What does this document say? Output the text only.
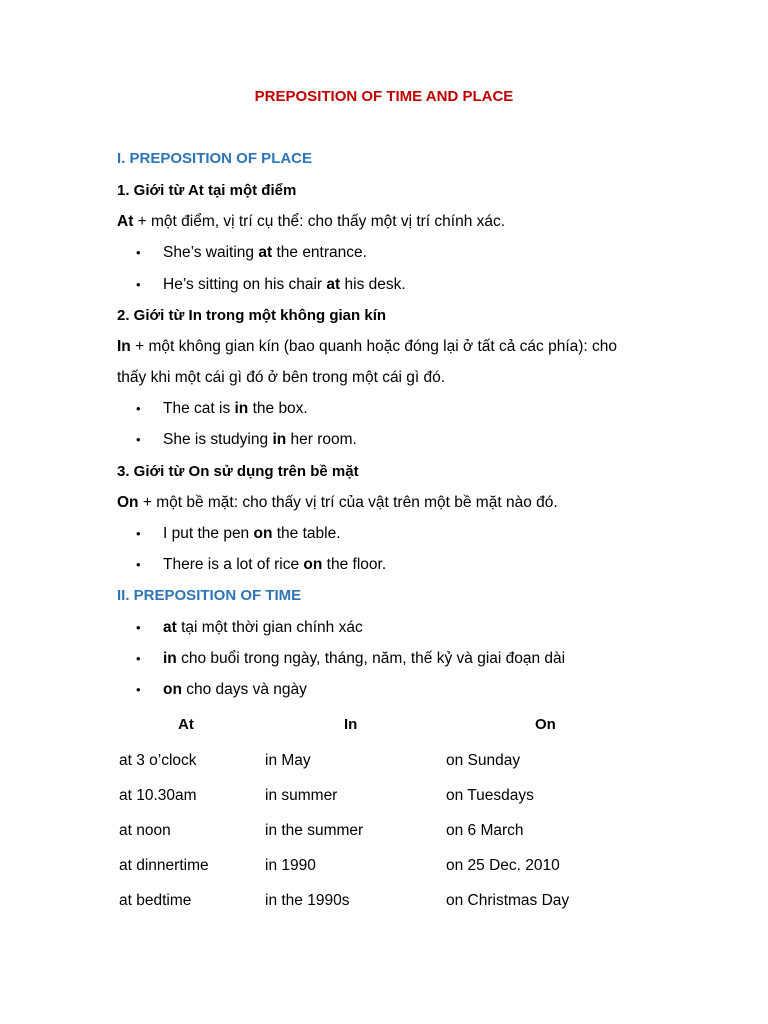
PREPOSITION OF TIME AND PLACE
I. PREPOSITION OF PLACE
1. Giới từ At tại một điểm
At + một điểm, vị trí cụ thể: cho thấy một vị trí chính xác.
• She’s waiting at the entrance.
• He’s sitting on his chair at his desk.
2. Giới từ In trong một không gian kín
In + một không gian kín (bao quanh hoặc đóng lại ở tất cả các phía): cho
thấy khi một cái gì đó ở bên trong một cái gì đó.
• The cat is in the box.
• She is studying in her room.
3. Giới từ On sử dụng trên bề mặt
On + một bề mặt: cho thấy vị trí của vật trên một bề mặt nào đó.
• I put the pen on the table.
• There is a lot of rice on the floor.
II. PREPOSITION OF TIME
• at tại một thời gian chính xác
• in cho buổi trong ngày, tháng, năm, thế kỷ và giai đoạn dài
• on cho days và ngày
At	In	On
at 3 o’clock	in May	on Sunday
at 10.30am	in summer	on Tuesdays
at noon	in the summer	on 6 March
at dinnertime	in 1990	on 25 Dec. 2010
at bedtime	in the 1990s	on Christmas Day
